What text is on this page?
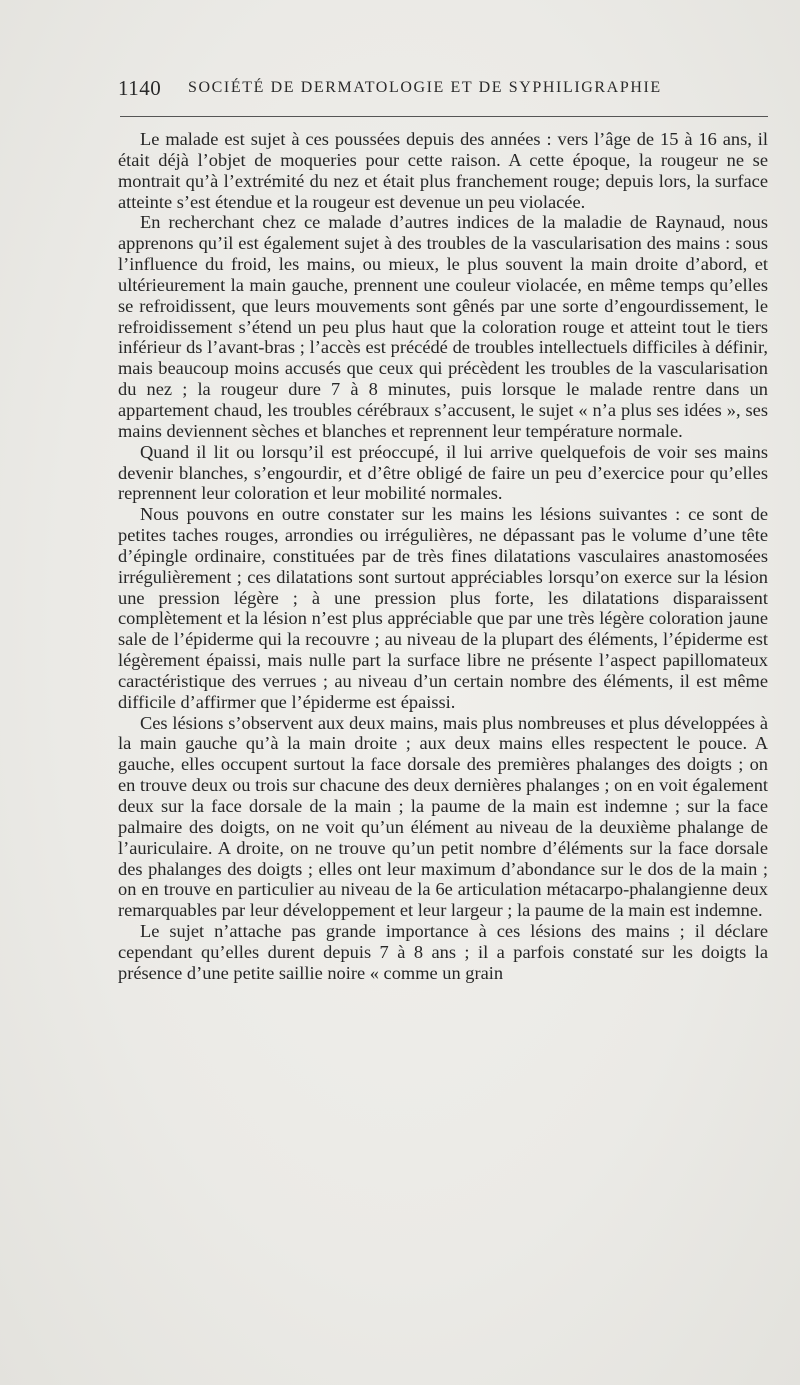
1140 SOCIÉTÉ DE DERMATOLOGIE ET DE SYPHILIGRAPHIE

Le malade est sujet à ces poussées depuis des années : vers l’âge de 15 à 16 ans, il était déjà l’objet de moqueries pour cette raison. A cette époque, la rougeur ne se montrait qu’à l’extrémité du nez et était plus franchement rouge; depuis lors, la surface atteinte s’est étendue et la rougeur est devenue un peu violacée.

En recherchant chez ce malade d’autres indices de la maladie de Raynaud, nous apprenons qu’il est également sujet à des troubles de la vascularisation des mains : sous l’influence du froid, les mains, ou mieux, le plus souvent la main droite d’abord, et ultérieurement la main gauche, prennent une couleur violacée, en même temps qu’elles se refroidissent, que leurs mouvements sont gênés par une sorte d’engourdissement, le refroidissement s’étend un peu plus haut que la coloration rouge et atteint tout le tiers inférieur ds l’avant-bras ; l’accès est précédé de troubles intellectuels difficiles à définir, mais beaucoup moins accusés que ceux qui précèdent les troubles de la vascularisation du nez ; la rougeur dure 7 à 8 minutes, puis lorsque le malade rentre dans un appartement chaud, les troubles cérébraux s’accusent, le sujet « n’a plus ses idées », ses mains deviennent sèches et blanches et reprennent leur température normale.

Quand il lit ou lorsqu’il est préoccupé, il lui arrive quelquefois de voir ses mains devenir blanches, s’engourdir, et d’être obligé de faire un peu d’exercice pour qu’elles reprennent leur coloration et leur mobilité normales.

Nous pouvons en outre constater sur les mains les lésions suivantes : ce sont de petites taches rouges, arrondies ou irrégulières, ne dépassant pas le volume d’une tête d’épingle ordinaire, constituées par de très fines dilatations vasculaires anastomosées irrégulièrement ; ces dilatations sont surtout appréciables lorsqu’on exerce sur la lésion une pression légère ; à une pression plus forte, les dilatations disparaissent complètement et la lésion n’est plus appréciable que par une très légère coloration jaune sale de l’épiderme qui la recouvre ; au niveau de la plupart des éléments, l’épiderme est légèrement épaissi, mais nulle part la surface libre ne présente l’aspect papillomateux caractéristique des verrues ; au niveau d’un certain nombre des éléments, il est même difficile d’affirmer que l’épiderme est épaissi.

Ces lésions s’observent aux deux mains, mais plus nombreuses et plus développées à la main gauche qu’à la main droite ; aux deux mains elles respectent le pouce. A gauche, elles occupent surtout la face dorsale des premières phalanges des doigts ; on en trouve deux ou trois sur chacune des deux dernières phalanges ; on en voit également deux sur la face dorsale de la main ; la paume de la main est indemne ; sur la face palmaire des doigts, on ne voit qu’un élément au niveau de la deuxième phalange de l’auriculaire. A droite, on ne trouve qu’un petit nombre d’éléments sur la face dorsale des phalanges des doigts ; elles ont leur maximum d’abondance sur le dos de la main ; on en trouve en particulier au niveau de la 6e articulation métacarpo-phalangienne deux remarquables par leur développement et leur largeur ; la paume de la main est indemne.

Le sujet n’attache pas grande importance à ces lésions des mains ; il déclare cependant qu’elles durent depuis 7 à 8 ans ; il a parfois constaté sur les doigts la présence d’une petite saillie noire « comme un grain
